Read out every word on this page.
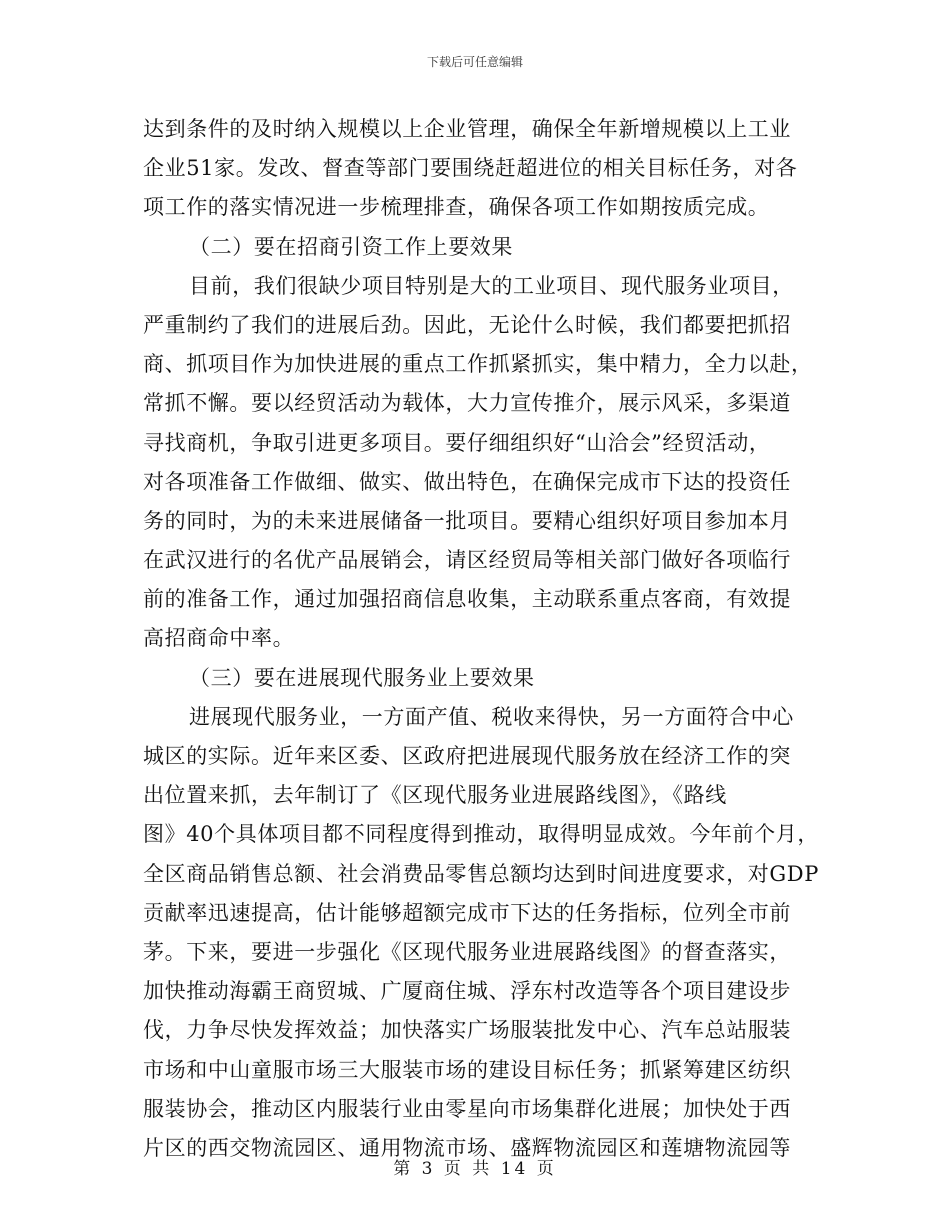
下载后可任意编辑
达到条件的及时纳入规模以上企业管理，确保全年新增规模以上工业
企业51家。发改、督查等部门要围绕赶超进位的相关目标任务，对各
项工作的落实情况进一步梳理排查，确保各项工作如期按质完成。
（二）要在招商引资工作上要效果
目前，我们很缺少项目特别是大的工业项目、现代服务业项目，
严重制约了我们的进展后劲。因此，无论什么时候，我们都要把抓招
商、抓项目作为加快进展的重点工作抓紧抓实，集中精力，全力以赴，
常抓不懈。要以经贸活动为载体，大力宣传推介，展示风采，多渠道
寻找商机，争取引进更多项目。要仔细组织好“山洽会”经贸活动，
对各项准备工作做细、做实、做出特色，在确保完成市下达的投资任
务的同时，为的未来进展储备一批项目。要精心组织好项目参加本月
在武汉进行的名优产品展销会，请区经贸局等相关部门做好各项临行
前的准备工作，通过加强招商信息收集，主动联系重点客商，有效提
高招商命中率。
（三）要在进展现代服务业上要效果
进展现代服务业，一方面产值、税收来得快，另一方面符合中心
城区的实际。近年来区委、区政府把进展现代服务放在经济工作的突
出位置来抓，去年制订了《区现代服务业进展路线图》，《路线
图》40个具体项目都不同程度得到推动，取得明显成效。今年前个月，
全区商品销售总额、社会消费品零售总额均达到时间进度要求，对GDP
贡献率迅速提高，估计能够超额完成市下达的任务指标，位列全市前
茅。下来，要进一步强化《区现代服务业进展路线图》的督查落实，
加快推动海霸王商贸城、广厦商住城、浮东村改造等各个项目建设步
伐，力争尽快发挥效益；加快落实广场服装批发中心、汽车总站服装
市场和中山童服市场三大服装市场的建设目标任务；抓紧筹建区纺织
服装协会，推动区内服装行业由零星向市场集群化进展；加快处于西
片区的西交物流园区、通用物流市场、盛辉物流园区和莲塘物流园等
第 3 页 共 14 页
